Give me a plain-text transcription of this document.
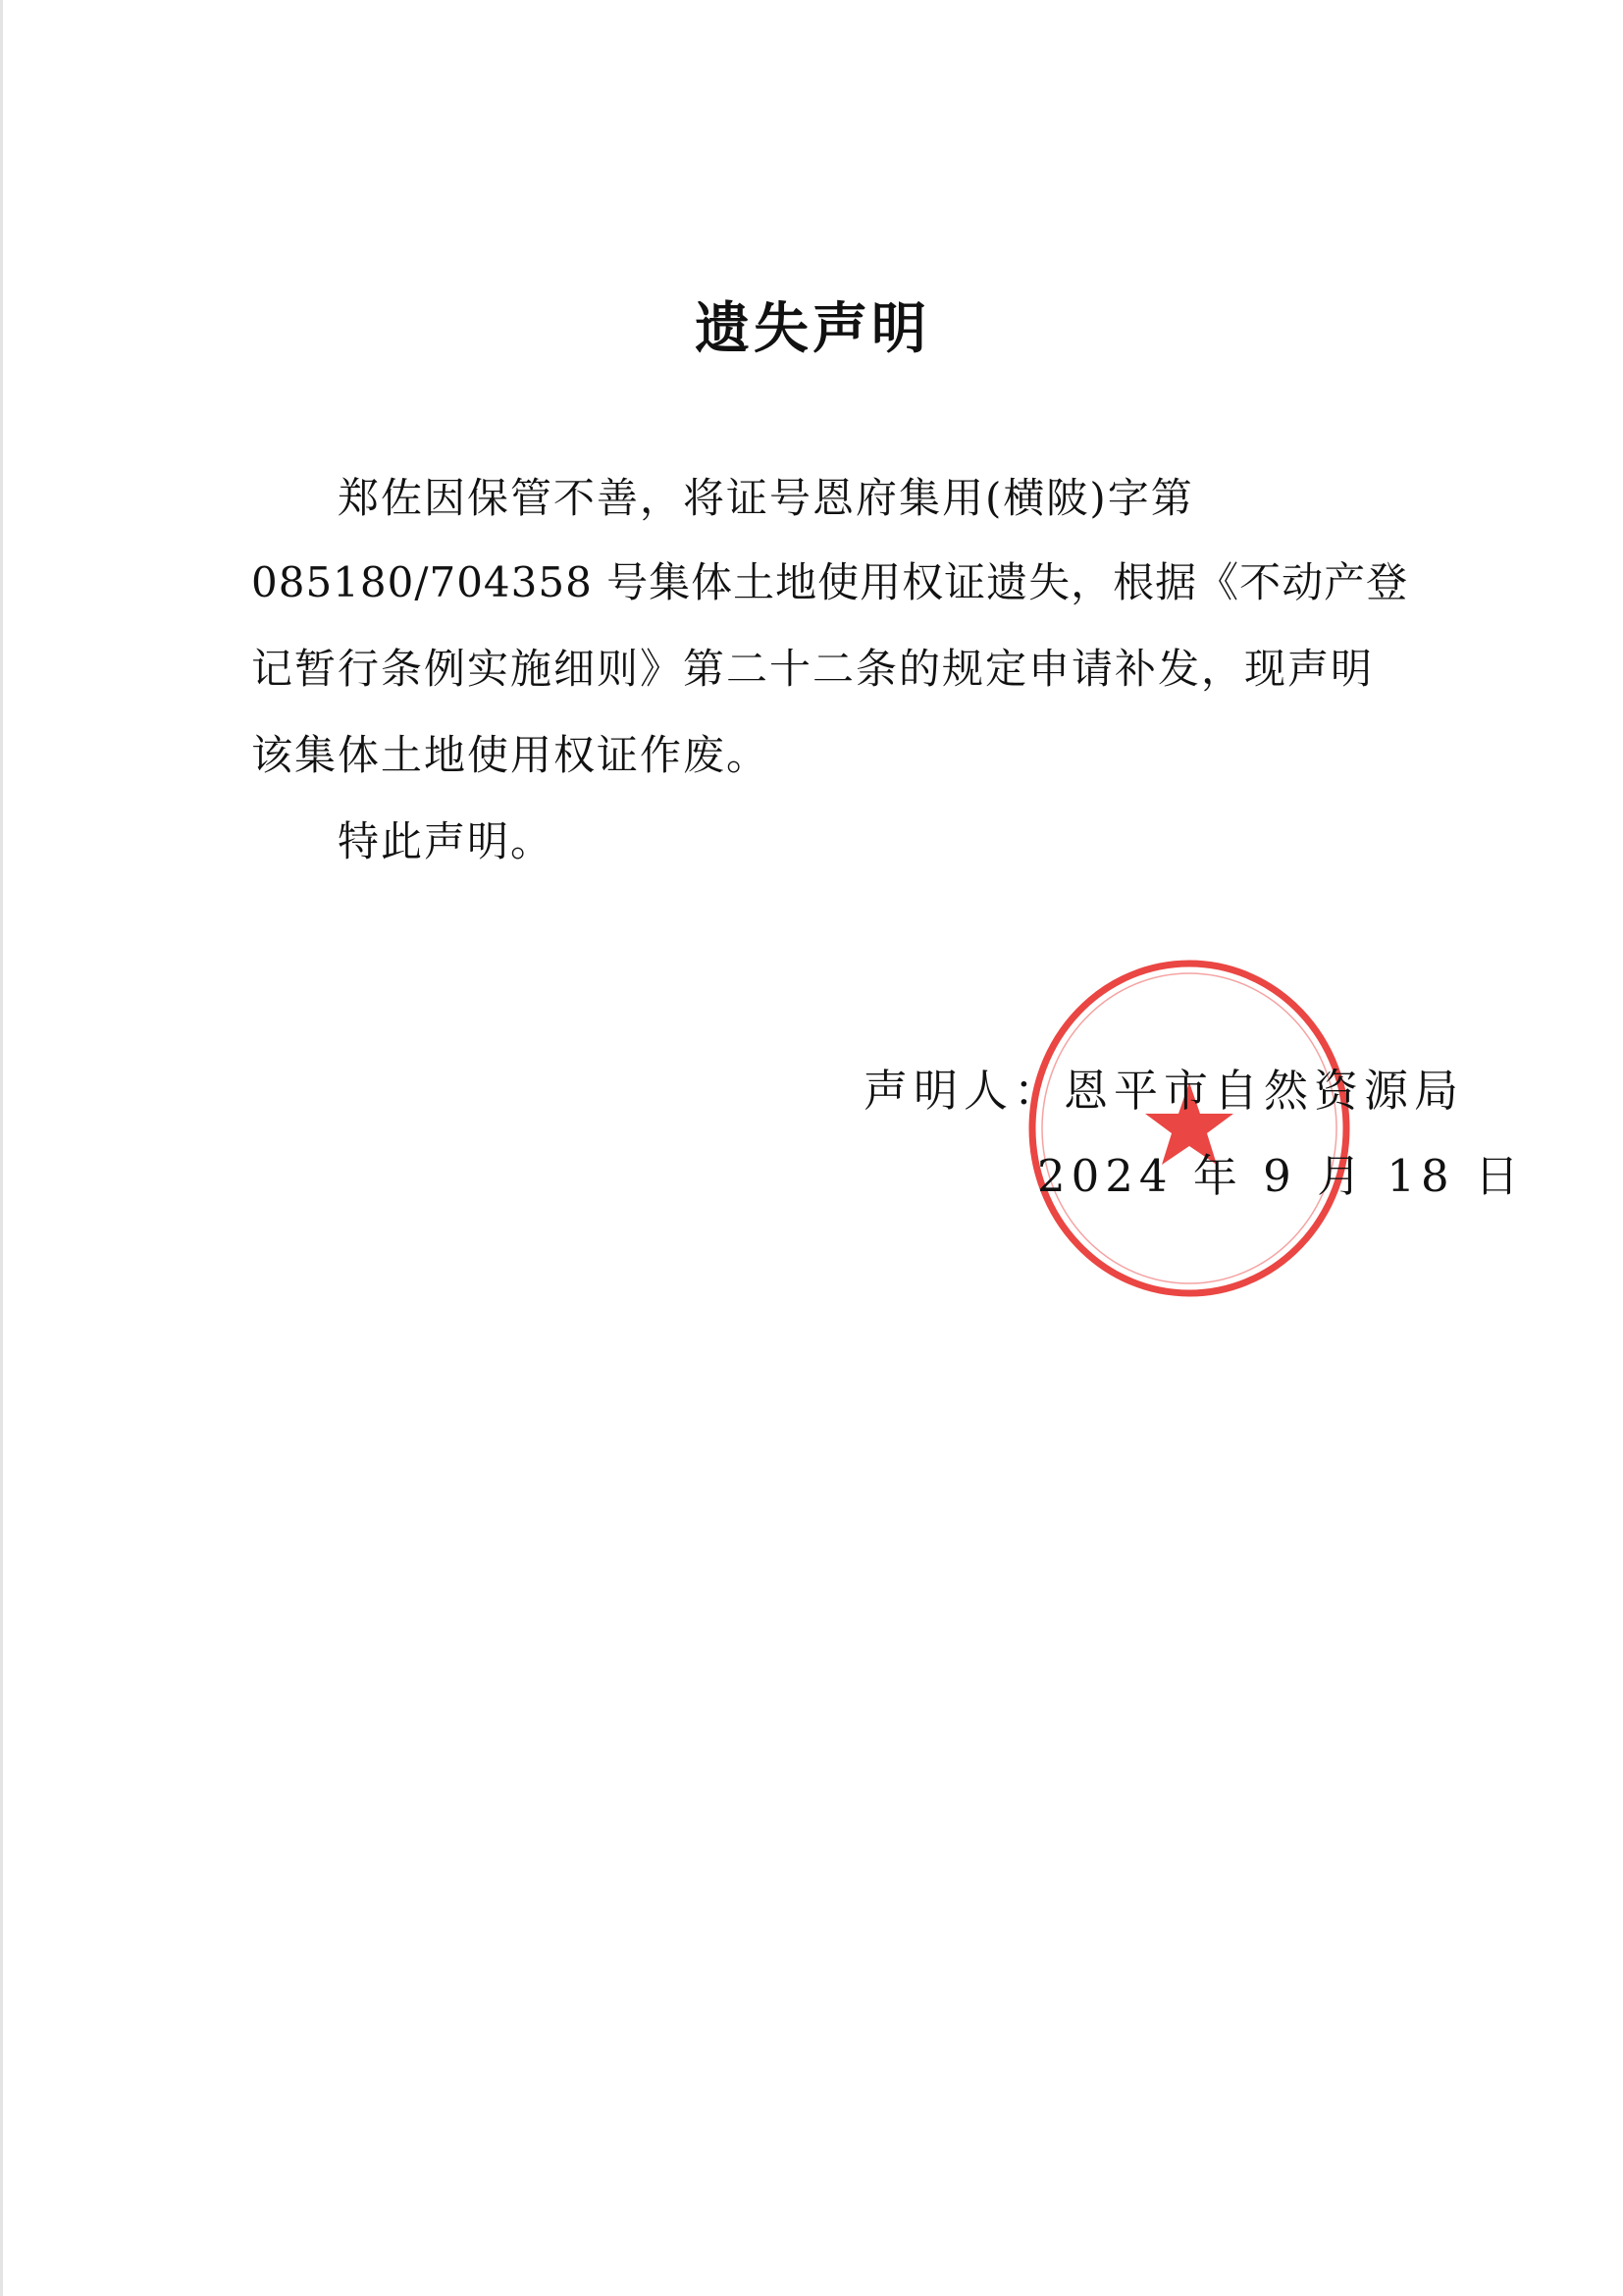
遗失声明
郑佐因保管不善，将证号恩府集用(横陂)字第
085180/704358 号集体土地使用权证遗失，根据《不动产登
记暂行条例实施细则》第二十二条的规定申请补发，现声明
该集体土地使用权证作废。
特此声明。
声明人：恩平市自然资源局
2024 年 9 月 18 日
